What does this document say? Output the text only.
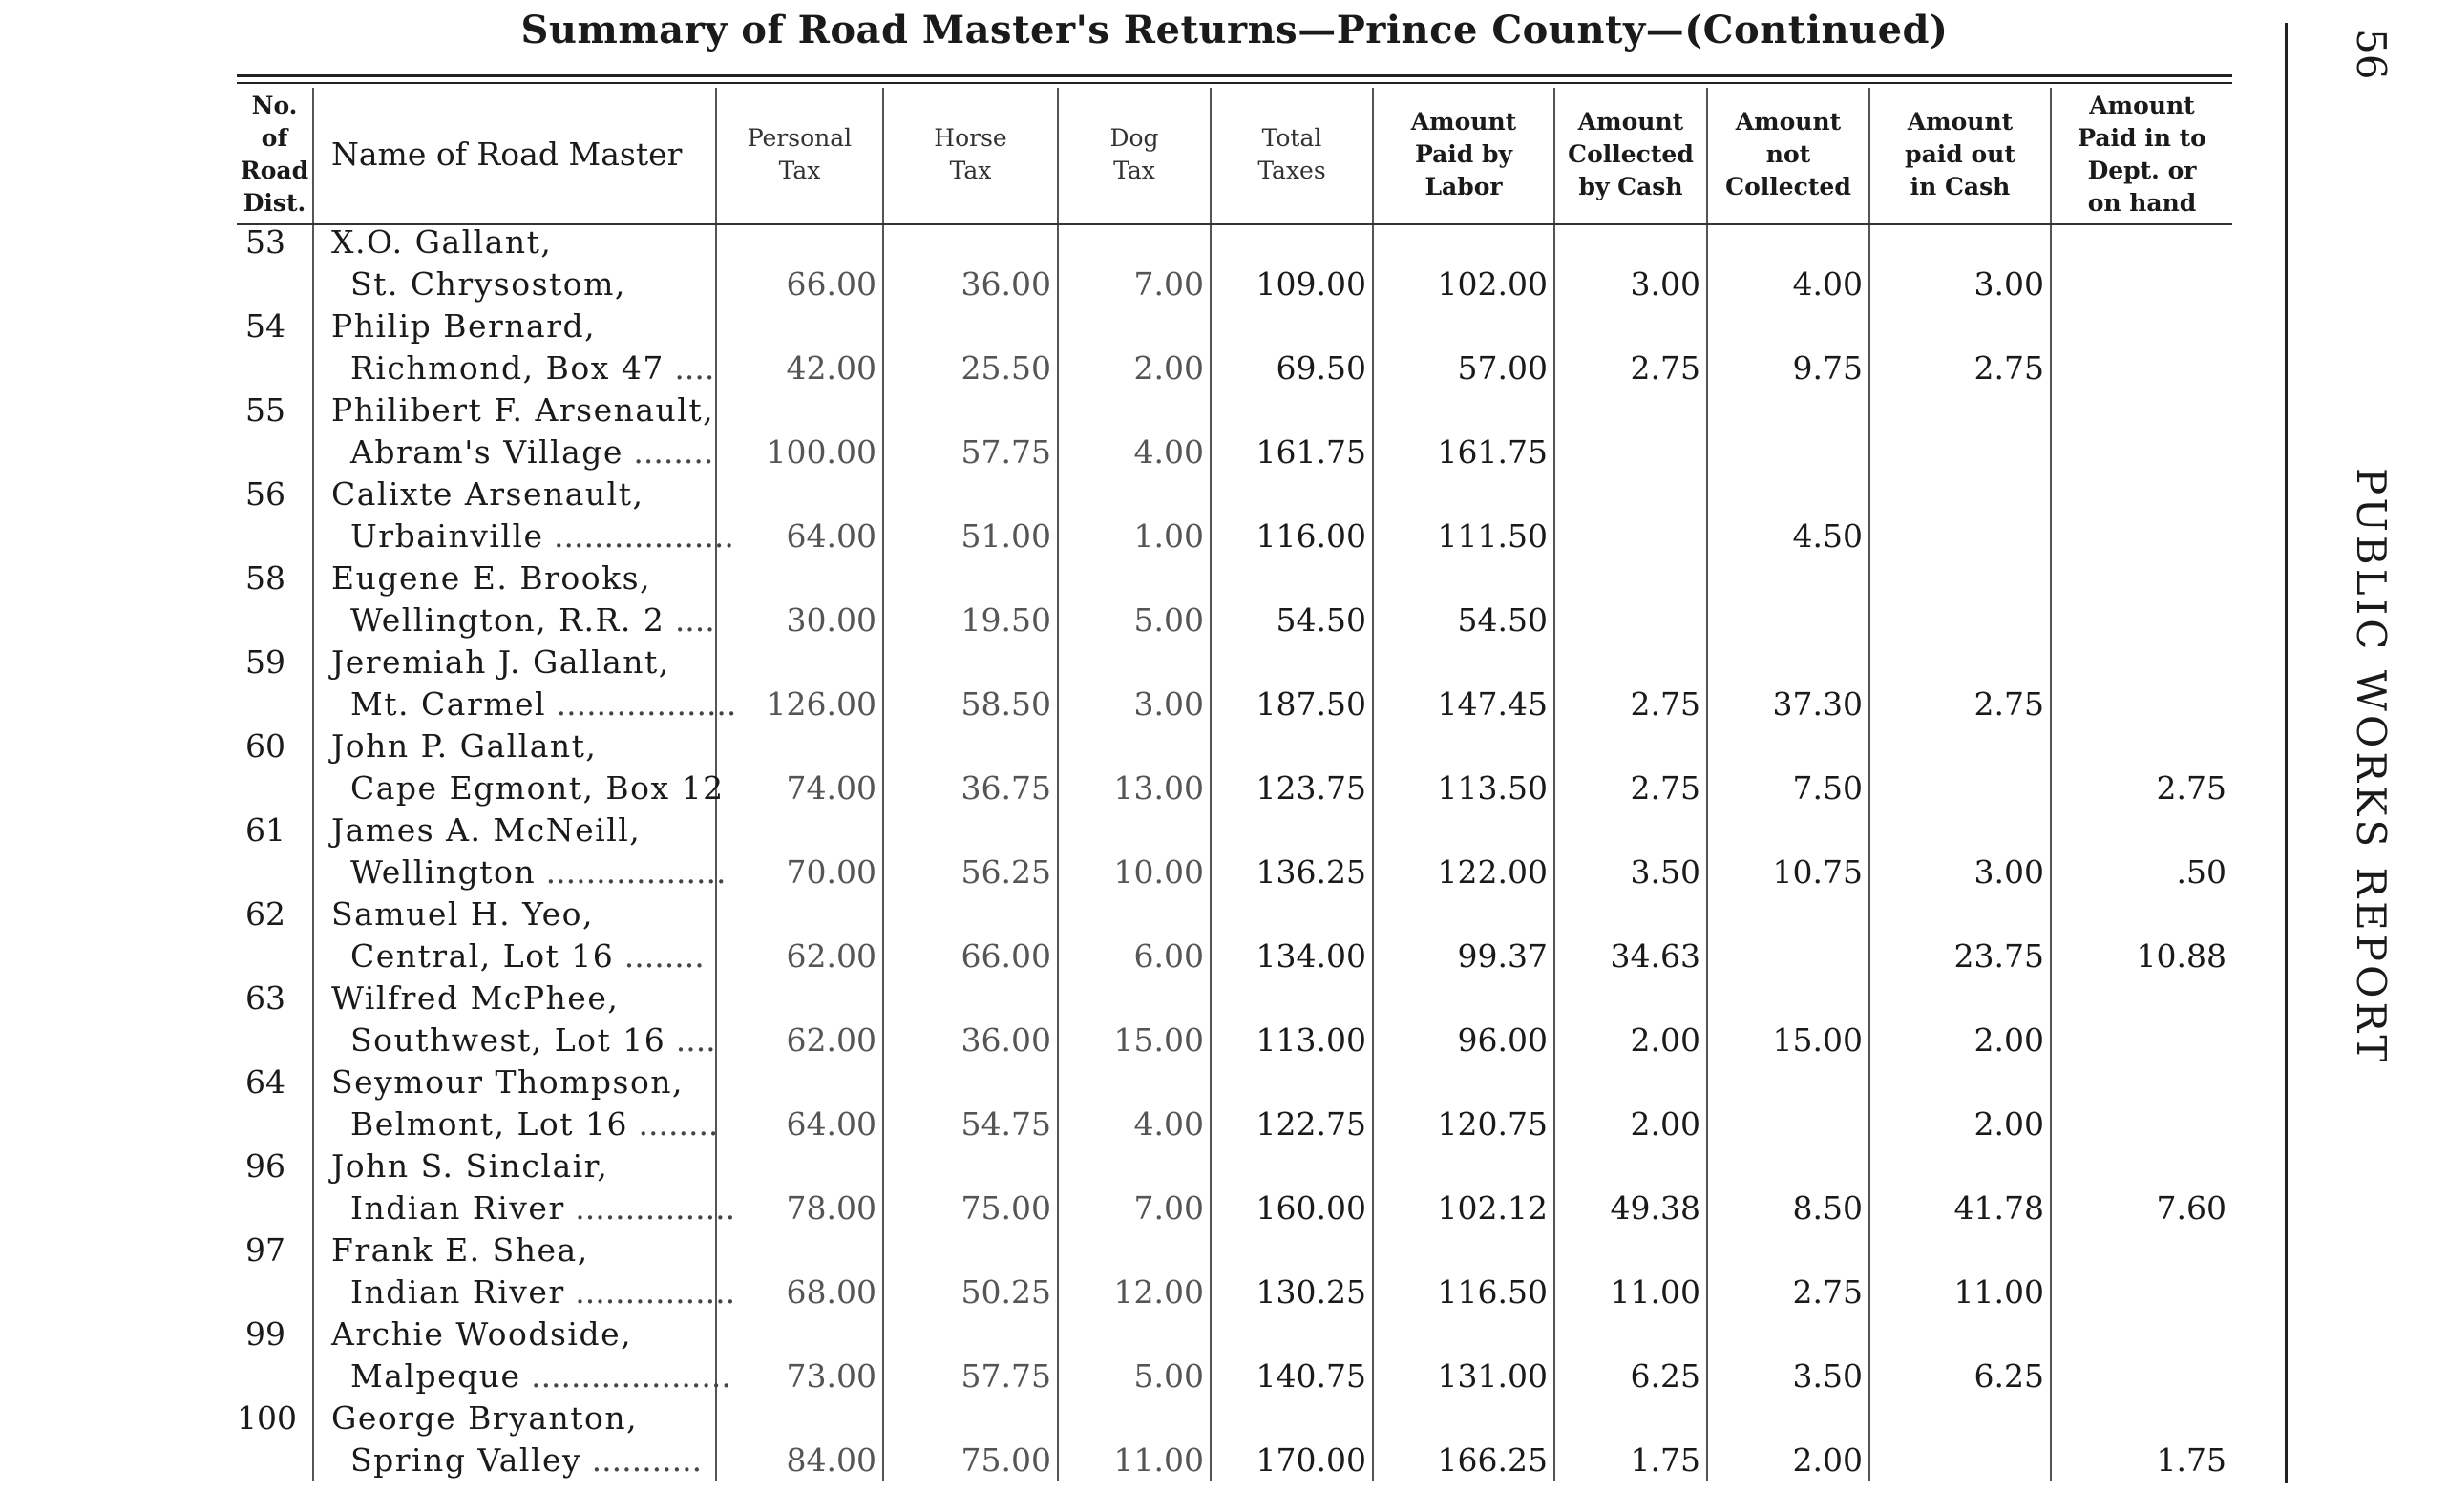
Summary of Road Master's Returns—Prince County—(Continued)
No.
of
Road
Dist.	Name of Road Master	Personal
Tax	Horse
Tax	Dog
Tax	Total
Taxes	Amount
Paid by
Labor	Amount
Collected
by Cash	Amount
not
Collected	Amount
paid out
in Cash	Amount
Paid in to
Dept. or
on hand
53	X.O. Gallant,
St. Chrysostom,	66.00	36.00	7.00	109.00	102.00	3.00	4.00	3.00	
54	Philip Bernard,
Richmond, Box 47 ....	42.00	25.50	2.00	69.50	57.00	2.75	9.75	2.75	
55	Philibert F. Arsenault,
Abram's Village ........	100.00	57.75	4.00	161.75	161.75				
56	Calixte Arsenault,
Urbainville ..................	64.00	51.00	1.00	116.00	111.50		4.50		
58	Eugene E. Brooks,
Wellington, R.R. 2 ....	30.00	19.50	5.00	54.50	54.50				
59	Jeremiah J. Gallant,
Mt. Carmel ..................	126.00	58.50	3.00	187.50	147.45	2.75	37.30	2.75	
60	John P. Gallant,
Cape Egmont, Box 12	74.00	36.75	13.00	123.75	113.50	2.75	7.50		2.75
61	James A. McNeill,
Wellington ..................	70.00	56.25	10.00	136.25	122.00	3.50	10.75	3.00	.50
62	Samuel H. Yeo,
Central, Lot 16 ........	62.00	66.00	6.00	134.00	99.37	34.63		23.75	10.88
63	Wilfred McPhee,
Southwest, Lot 16 ....	62.00	36.00	15.00	113.00	96.00	2.00	15.00	2.00	
64	Seymour Thompson,
Belmont, Lot 16 ........	64.00	54.75	4.00	122.75	120.75	2.00		2.00	
96	John S. Sinclair,
Indian River ................	78.00	75.00	7.00	160.00	102.12	49.38	8.50	41.78	7.60
97	Frank E. Shea,
Indian River ................	68.00	50.25	12.00	130.25	116.50	11.00	2.75	11.00	
99	Archie Woodside,
Malpeque ....................	73.00	57.75	5.00	140.75	131.00	6.25	3.50	6.25	
100	George Bryanton,
Spring Valley ...........	84.00	75.00	11.00	170.00	166.25	1.75	2.00		1.75
56
PUBLIC WORKS REPORT
